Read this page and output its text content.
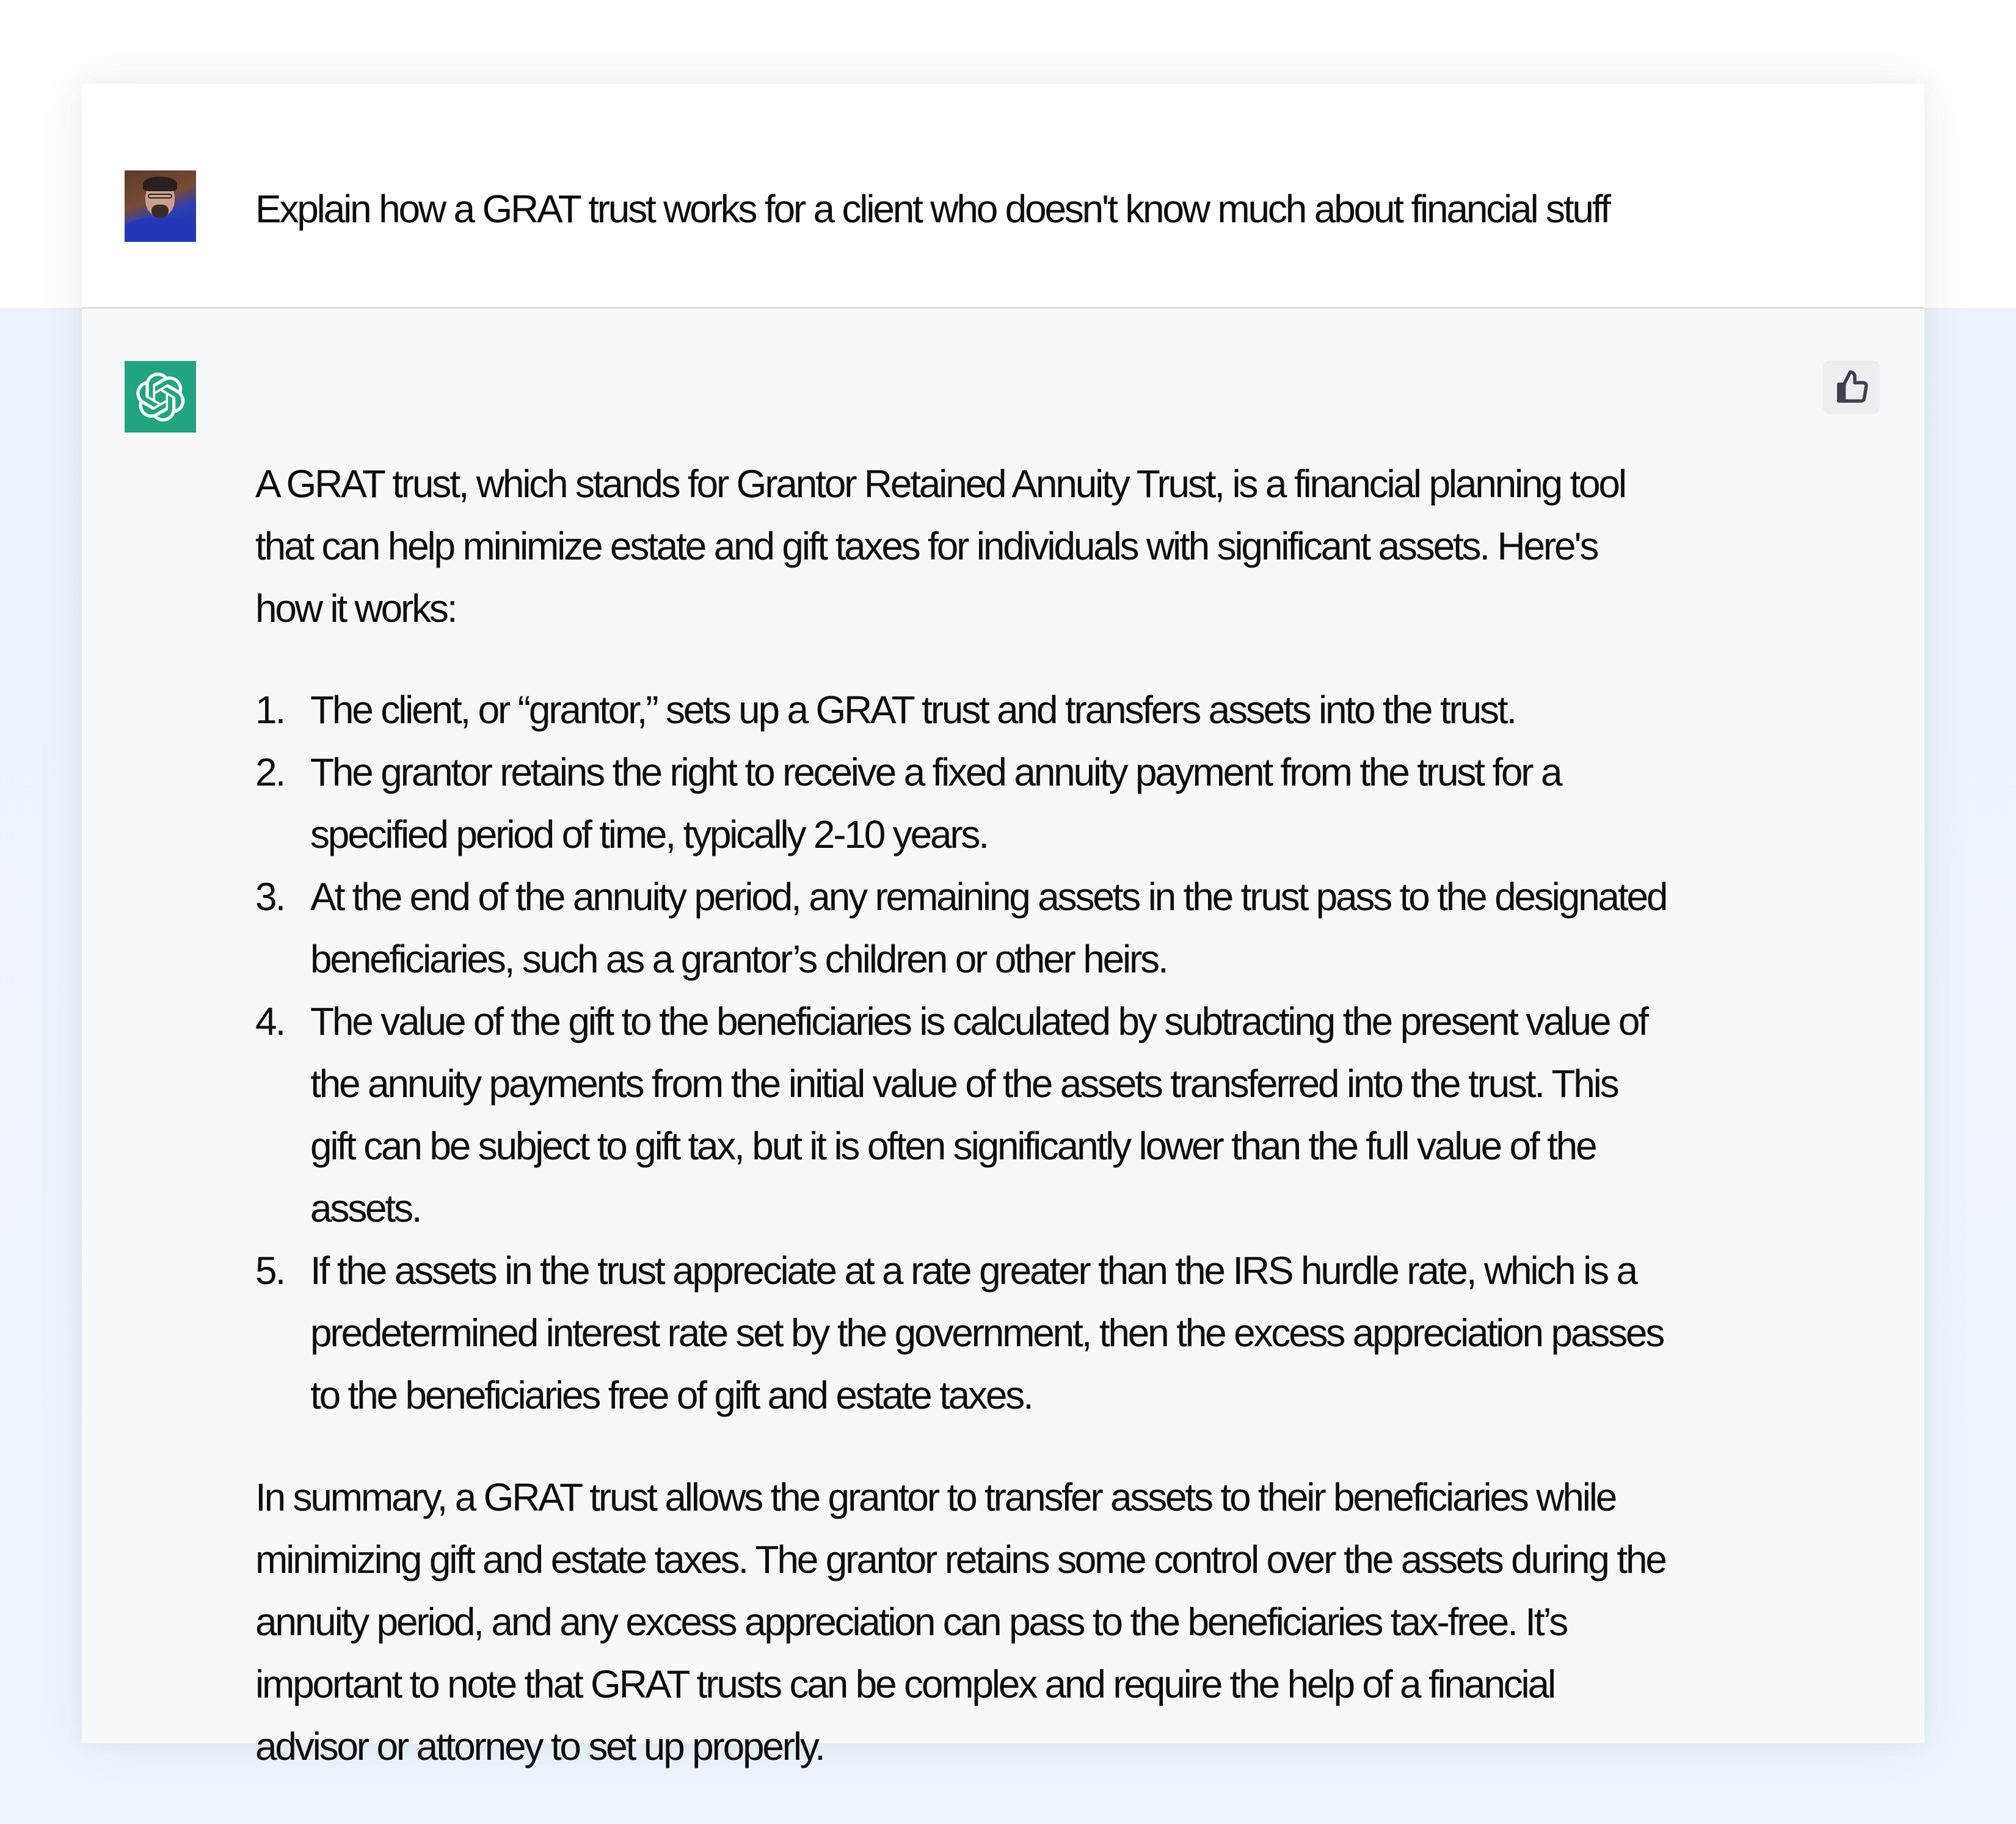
Explain how a GRAT trust works for a client who doesn't know much about financial stuff
A GRAT trust, which stands for Grantor Retained Annuity Trust, is a financial planning tool
that can help minimize estate and gift taxes for individuals with significant assets. Here's
how it works:
1. The client, or “grantor,” sets up a GRAT trust and transfers assets into the trust.
2. The grantor retains the right to receive a fixed annuity payment from the trust for a
specified period of time, typically 2-10 years.
3. At the end of the annuity period, any remaining assets in the trust pass to the designated
beneficiaries, such as a grantor’s children or other heirs.
4. The value of the gift to the beneficiaries is calculated by subtracting the present value of
the annuity payments from the initial value of the assets transferred into the trust. This
gift can be subject to gift tax, but it is often significantly lower than the full value of the
assets.
5. If the assets in the trust appreciate at a rate greater than the IRS hurdle rate, which is a
predetermined interest rate set by the government, then the excess appreciation passes
to the beneficiaries free of gift and estate taxes.
In summary, a GRAT trust allows the grantor to transfer assets to their beneficiaries while
minimizing gift and estate taxes. The grantor retains some control over the assets during the
annuity period, and any excess appreciation can pass to the beneficiaries tax-free. It’s
important to note that GRAT trusts can be complex and require the help of a financial
advisor or attorney to set up properly.
